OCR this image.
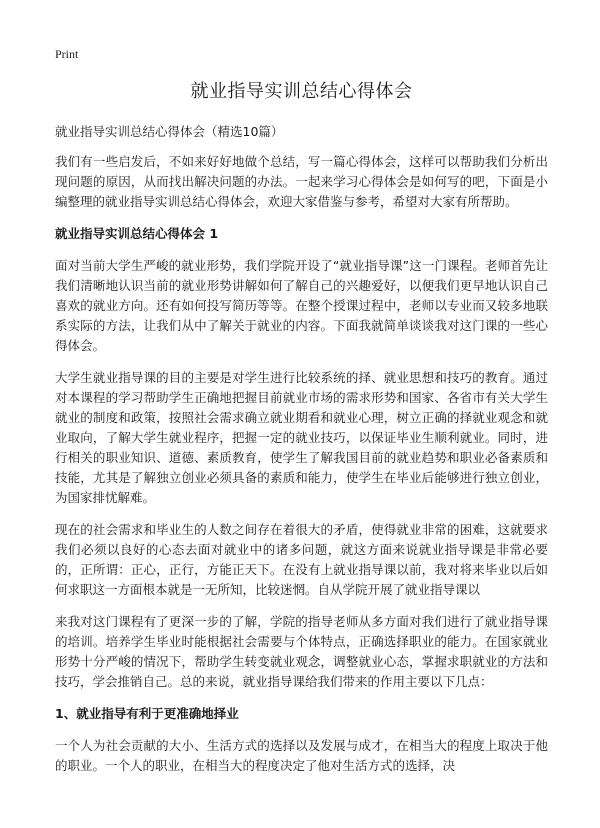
Print
就业指导实训总结心得体会

就业指导实训总结心得体会（精选10篇）

我们有一些启发后，不如来好好地做个总结，写一篇心得体会，这样可以帮助我们分析出现问题的原因，从而找出解决问题的办法。一起来学习心得体会是如何写的吧，下面是小编整理的就业指导实训总结心得体会，欢迎大家借鉴与参考，希望对大家有所帮助。

就业指导实训总结心得体会 1

面对当前大学生严峻的就业形势，我们学院开设了“就业指导课”这一门课程。老师首先让我们清晰地认识当前的就业形势讲解如何了解自己的兴趣爱好，以便我们更早地认识自己喜欢的就业方向。还有如何投写简历等等。在整个授课过程中，老师以专业而又较多地联系实际的方法，让我们从中了解关于就业的内容。下面我就简单谈谈我对这门课的一些心得体会。

大学生就业指导课的目的主要是对学生进行比较系统的择、就业思想和技巧的教育。通过对本课程的学习帮助学生正确地把握目前就业市场的需求形势和国家、各省市有关大学生就业的制度和政策，按照社会需求确立就业期看和就业心理，树立正确的择就业观念和就业取向，了解大学生就业程序，把握一定的就业技巧，以保证毕业生顺利就业。同时，进行相关的职业知识、道德、素质教育，使学生了解我国目前的就业趋势和职业必备素质和技能，尤其是了解独立创业必须具备的素质和能力，使学生在毕业后能够进行独立创业，为国家排忧解难。

现在的社会需求和毕业生的人数之间存在着很大的矛盾，使得就业非常的困难，这就要求我们必须以良好的心态去面对就业中的诸多问题，就这方面来说就业指导课是非常必要的，正所谓：正心，正行，方能正天下。在没有上就业指导课以前，我对将来毕业以后如何求职这一方面根本就是一无所知，比较迷惘。自从学院开展了就业指导课以

来我对这门课程有了更深一步的了解，学院的指导老师从多方面对我们进行了就业指导课的培训。培养学生毕业时能根据社会需要与个体特点，正确选择职业的能力。在国家就业形势十分严峻的情况下，帮助学生转变就业观念，调整就业心态，掌握求职就业的方法和技巧，学会推销自己。总的来说，就业指导课给我们带来的作用主要以下几点：

1、就业指导有利于更准确地择业

一个人为社会贡献的大小、生活方式的选择以及发展与成才，在相当大的程度上取决于他的职业。一个人的职业，在相当大的程度决定了他对生活方式的选择，决
